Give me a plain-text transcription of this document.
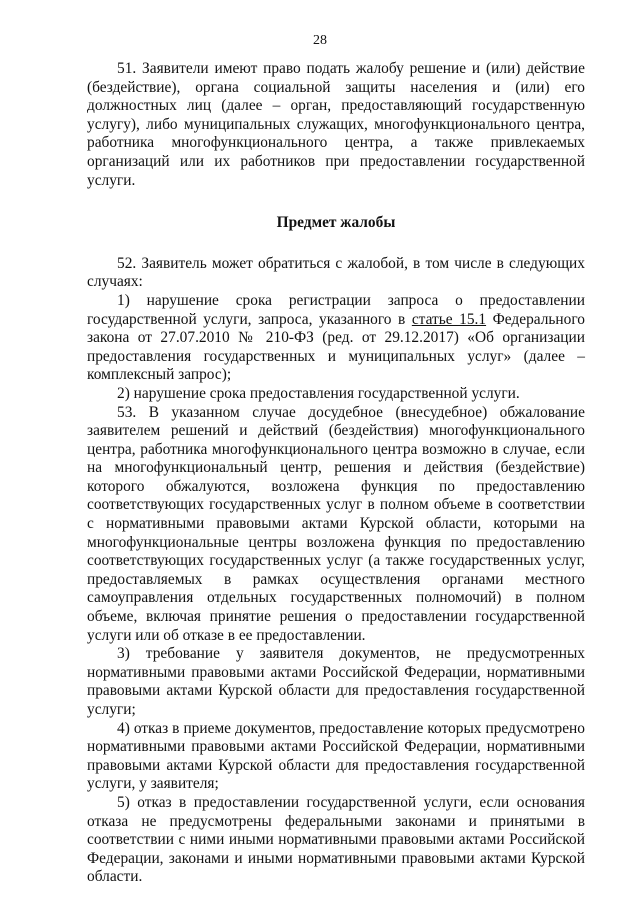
28

51. Заявители имеют право подать жалобу решение и (или) действие (бездействие), органа социальной защиты населения и (или) его должностных лиц (далее – орган, предоставляющий государственную услугу), либо муниципальных служащих, многофункционального центра, работника многофункционального центра, а также привлекаемых организаций или их работников при предоставлении государственной услуги.

Предмет жалобы

52. Заявитель может обратиться с жалобой, в том числе в следующих случаях:

1) нарушение срока регистрации запроса о предоставлении государственной услуги, запроса, указанного в статье 15.1 Федерального закона от 27.07.2010 № 210-ФЗ (ред. от 29.12.2017) «Об организации предоставления государственных и муниципальных услуг» (далее – комплексный запрос);

2) нарушение срока предоставления государственной услуги.

53. В указанном случае досудебное (внесудебное) обжалование заявителем решений и действий (бездействия) многофункционального центра, работника многофункционального центра возможно в случае, если на многофункциональный центр, решения и действия (бездействие) которого обжалуются, возложена функция по предоставлению соответствующих государственных услуг в полном объеме в соответствии с нормативными правовыми актами Курской области, которыми на многофункциональные центры возложена функция по предоставлению соответствующих государственных услуг (а также государственных услуг, предоставляемых в рамках осуществления органами местного самоуправления отдельных государственных полномочий) в полном объеме, включая принятие решения о предоставлении государственной услуги или об отказе в ее предоставлении.

3) требование у заявителя документов, не предусмотренных нормативными правовыми актами Российской Федерации, нормативными правовыми актами Курской области для предоставления государственной услуги;

4) отказ в приеме документов, предоставление которых предусмотрено нормативными правовыми актами Российской Федерации, нормативными правовыми актами Курской области для предоставления государственной услуги, у заявителя;

5) отказ в предоставлении государственной услуги, если основания отказа не предусмотрены федеральными законами и принятыми в соответствии с ними иными нормативными правовыми актами Российской Федерации, законами и иными нормативными правовыми актами Курской области.
